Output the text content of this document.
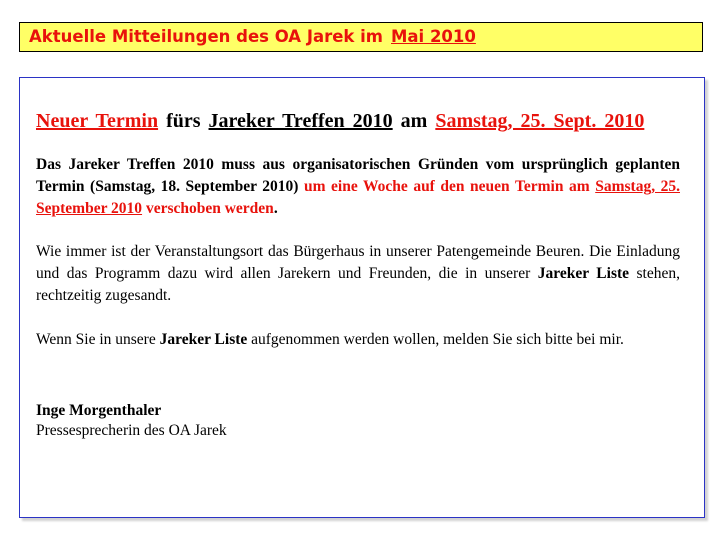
Aktuelle Mitteilungen des OA Jarek im Mai 2010

Neuer Termin fürs Jareker Treffen 2010 am Samstag, 25. Sept. 2010

Das Jareker Treffen 2010 muss aus organisatorischen Gründen vom ursprünglich geplanten Termin (Samstag, 18. September 2010) um eine Woche auf den neuen Termin am Samstag, 25. September 2010 verschoben werden.

Wie immer ist der Veranstaltungsort das Bürgerhaus in unserer Patengemeinde Beuren. Die Einladung und das Programm dazu wird allen Jarekern und Freunden, die in unserer Jareker Liste stehen, rechtzeitig zugesandt.

Wenn Sie in unsere Jareker Liste aufgenommen werden wollen, melden Sie sich bitte bei mir.

Inge Morgenthaler
Pressesprecherin des OA Jarek
